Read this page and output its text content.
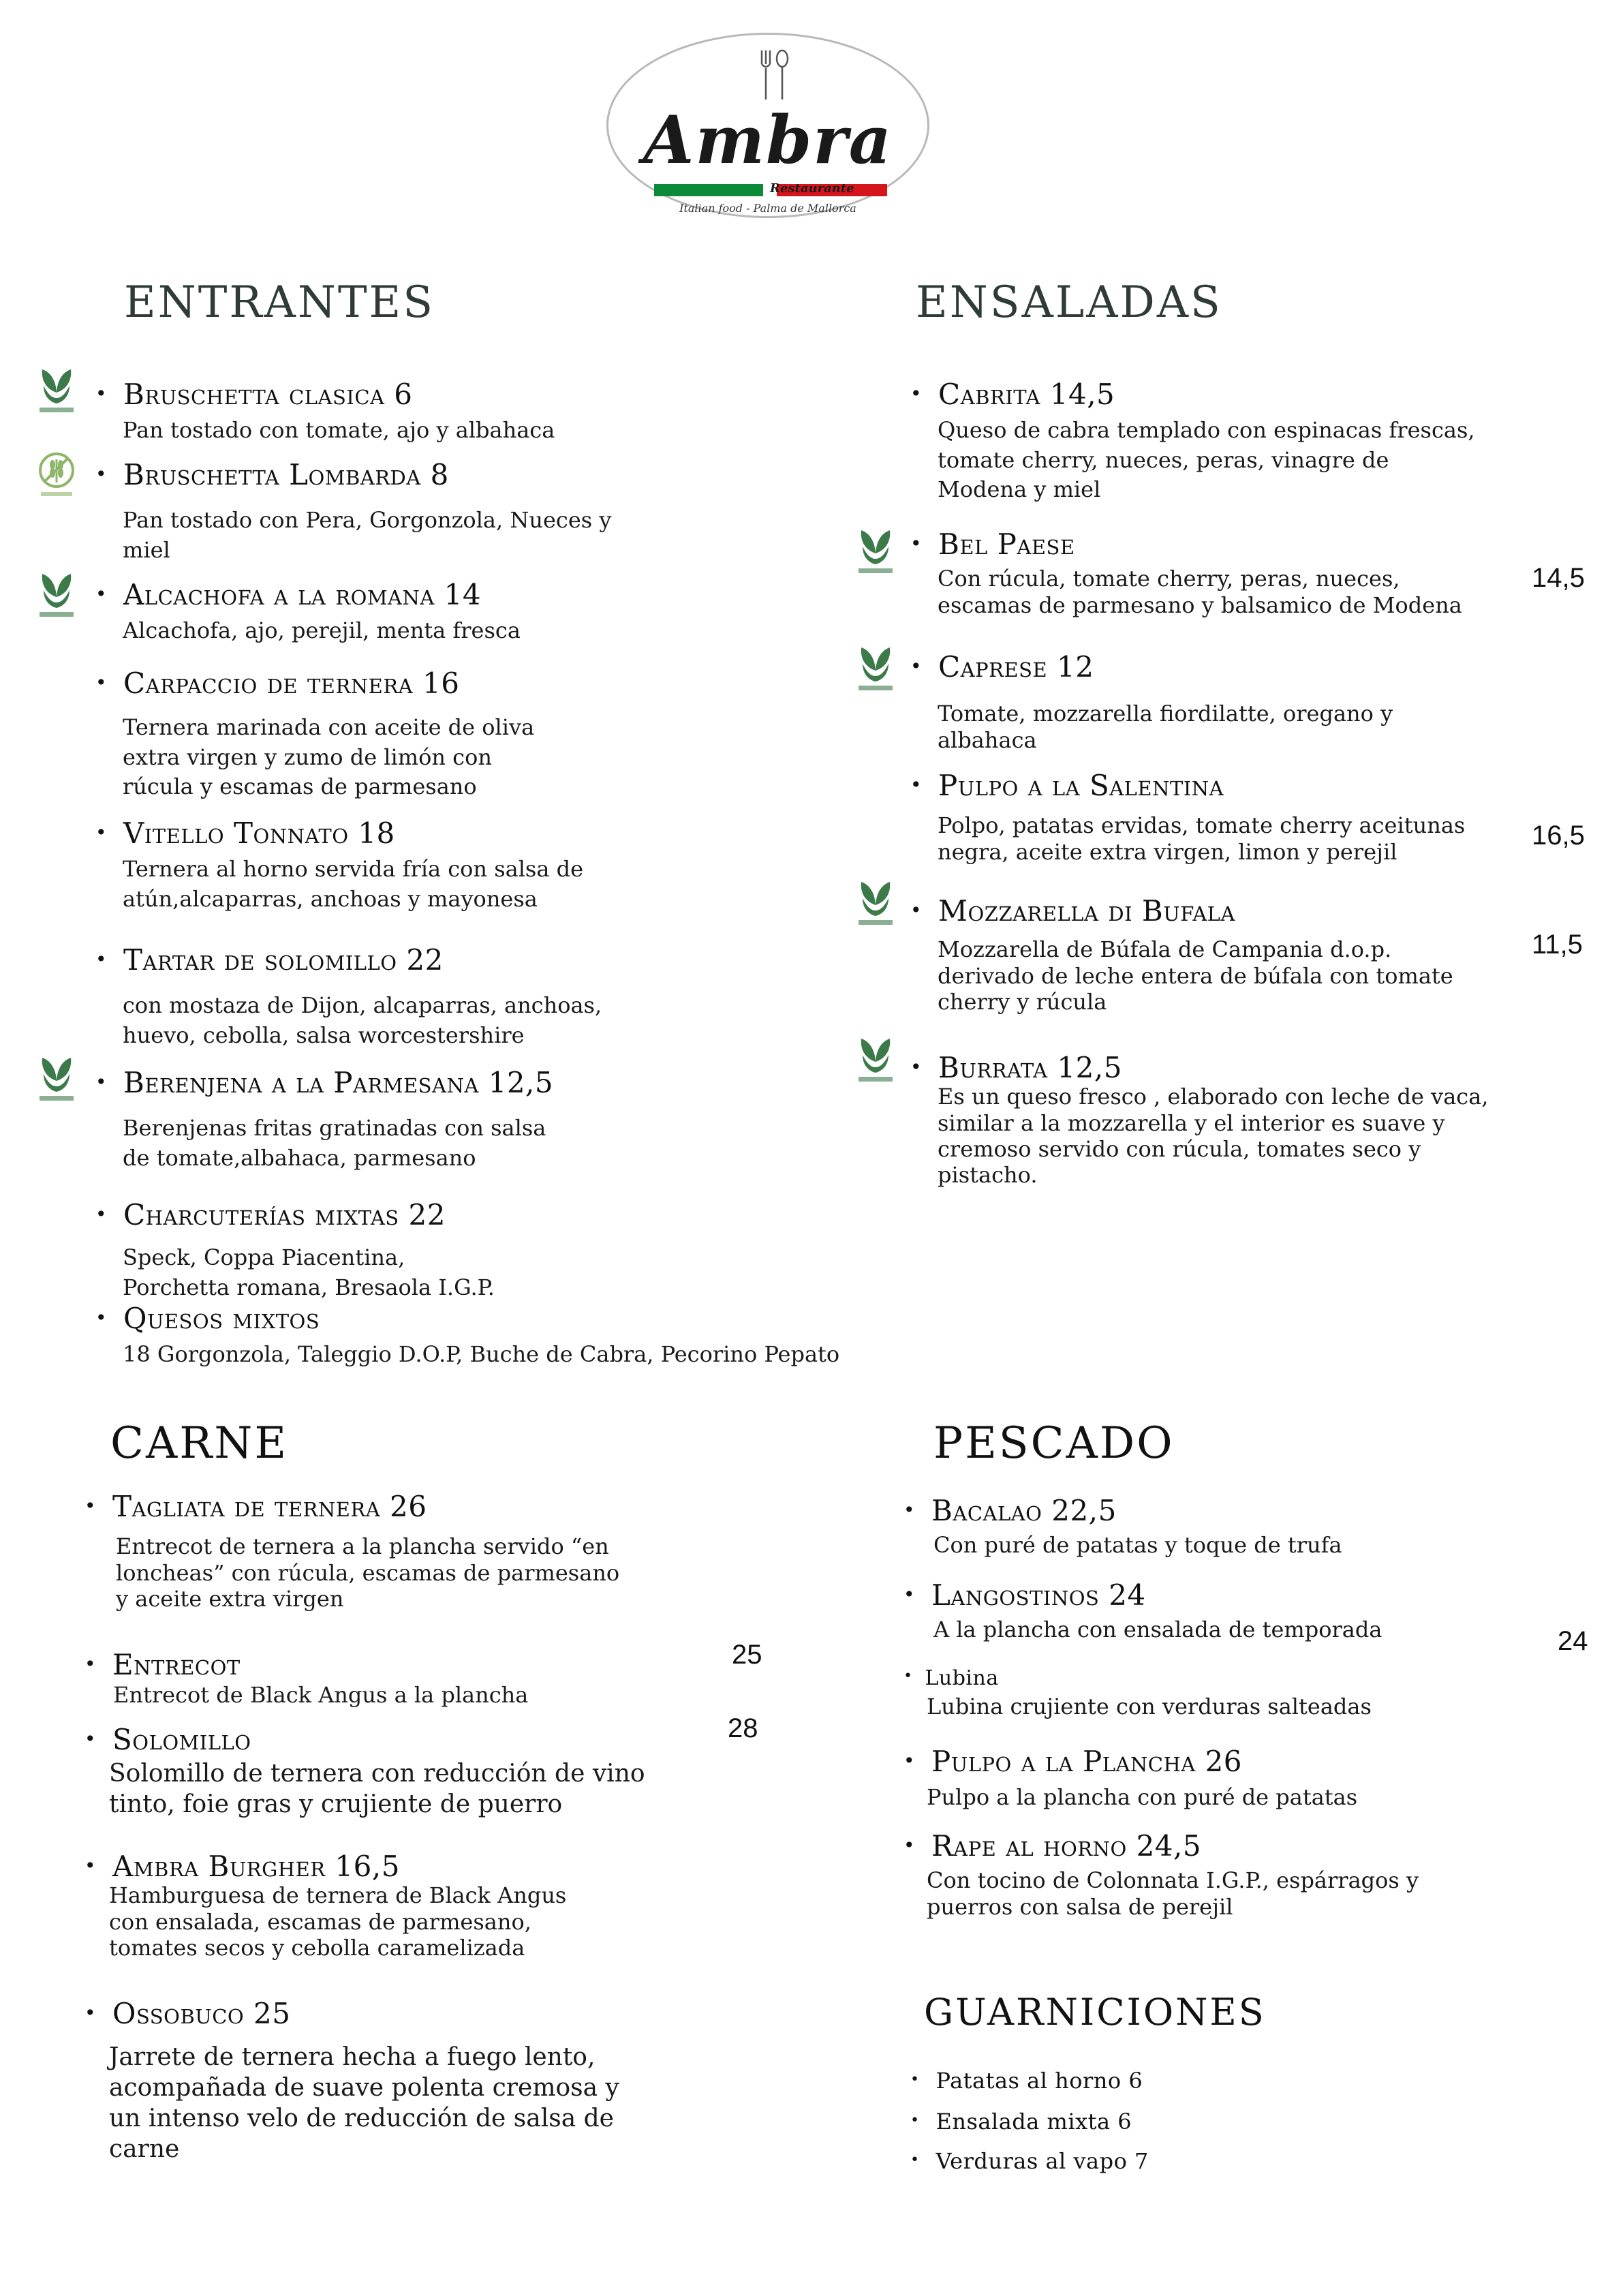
Ambra
Restaurante
Italian food - Palma de Mallorca
ENTRANTES	ENSALADAS
CARNE	PESCADO
GUARNICIONES
• Bruschetta clasica 6
Pan tostado con tomate, ajo y albahaca
• Bruschetta Lombarda 8
Pan tostado con Pera, Gorgonzola, Nueces y
miel
• Alcachofa a la romana 14
Alcachofa, ajo, perejil, menta fresca
• Carpaccio de ternera 16
Ternera marinada con aceite de oliva
extra virgen y zumo de limón con
rúcula y escamas de parmesano
• Vitello Tonnato 18
Ternera al horno servida fría con salsa de
atún,alcaparras, anchoas y mayonesa
• Tartar de solomillo 22
con mostaza de Dijon, alcaparras, anchoas,
huevo, cebolla, salsa worcestershire
• Berenjena a la Parmesana 12,5
Berenjenas fritas gratinadas con salsa
de tomate,albahaca, parmesano
• Charcuterías mixtas 22
Speck, Coppa Piacentina,
Porchetta romana, Bresaola I.G.P.
• Quesos mixtos
18 Gorgonzola, Taleggio D.O.P, Buche de Cabra, Pecorino Pepato
• Cabrita 14,5
Queso de cabra templado con espinacas frescas,
tomate cherry, nueces, peras, vinagre de
Modena y miel
• Bel Paese
Con rúcula, tomate cherry, peras, nueces,
escamas de parmesano y balsamico de Modena
14,5
• Caprese 12
Tomate, mozzarella fiordilatte, oregano y
albahaca
• Pulpo a la Salentina
Polpo, patatas ervidas, tomate cherry aceitunas
negra, aceite extra virgen, limon y perejil
16,5
• Mozzarella di Bufala
Mozzarella de Búfala de Campania d.o.p.
derivado de leche entera de búfala con tomate
cherry y rúcula
11,5
• Burrata 12,5
Es un queso fresco , elaborado con leche de vaca,
similar a la mozzarella y el interior es suave y
cremoso servido con rúcula, tomates seco y
pistacho.
• Tagliata de ternera 26
Entrecot de ternera a la plancha servido “en
loncheas” con rúcula, escamas de parmesano
y aceite extra virgen
• Entrecot
Entrecot de Black Angus a la plancha
25
• Solomillo
Solomillo de ternera con reducción de vino
tinto, foie gras y crujiente de puerro
28
• Ambra Burgher 16,5
Hamburguesa de ternera de Black Angus
con ensalada, escamas de parmesano,
tomates secos y cebolla caramelizada
• Ossobuco 25
Jarrete de ternera hecha a fuego lento,
acompañada de suave polenta cremosa y
un intenso velo de reducción de salsa de
carne
• Bacalao 22,5
Con puré de patatas y toque de trufa
• Langostinos 24
A la plancha con ensalada de temporada
• Lubina
Lubina crujiente con verduras salteadas
24
• Pulpo a la Plancha 26
Pulpo a la plancha con puré de patatas
• Rape al horno 24,5
Con tocino de Colonnata I.G.P., espárragos y
puerros con salsa de perejil
• Patatas al horno 6
• Ensalada mixta 6
• Verduras al vapo 7
